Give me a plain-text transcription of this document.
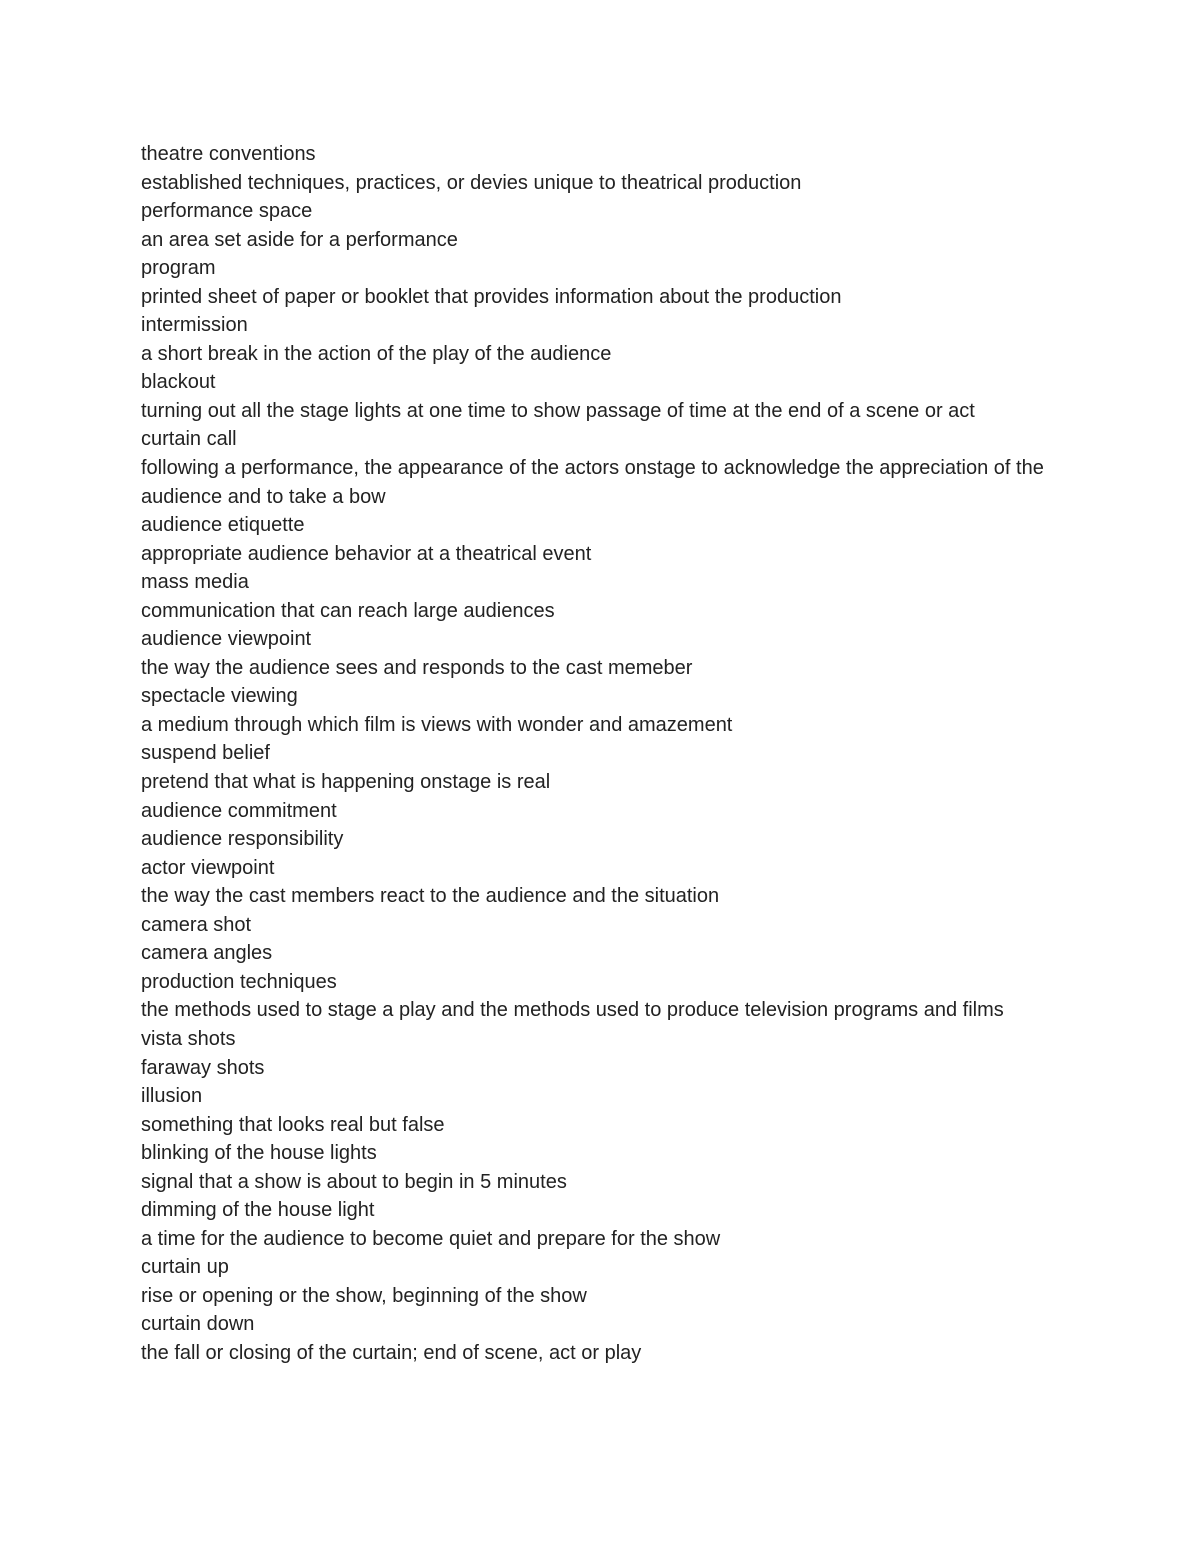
theatre conventions
established techniques, practices, or devies unique to theatrical production
performance space
an area set aside for a performance
program
printed sheet of paper or booklet that provides information about the production
intermission
a short break in the action of the play of the audience
blackout
turning out all the stage lights at one time to show passage of time at the end of a scene or act
curtain call
following a performance, the appearance of the actors onstage to acknowledge the appreciation of the audience and to take a bow
audience etiquette
appropriate audience behavior at a theatrical event
mass media
communication that can reach large audiences
audience viewpoint
the way the audience sees and responds to the cast memeber
spectacle viewing
a medium through which film is views with wonder and amazement
suspend belief
pretend that what is happening onstage is real
audience commitment
audience responsibility
actor viewpoint
the way the cast members react to the audience and the situation
camera shot
camera angles
production techniques
the methods used to stage a play and the methods used to produce television programs and films
vista shots
faraway shots
illusion
something that looks real but false
blinking of the house lights
signal that a show is about to begin in 5 minutes
dimming of the house light
a time for the audience to become quiet and prepare for the show
curtain up
rise or opening or the show, beginning of the show
curtain down
the fall or closing of the curtain; end of scene, act or play
